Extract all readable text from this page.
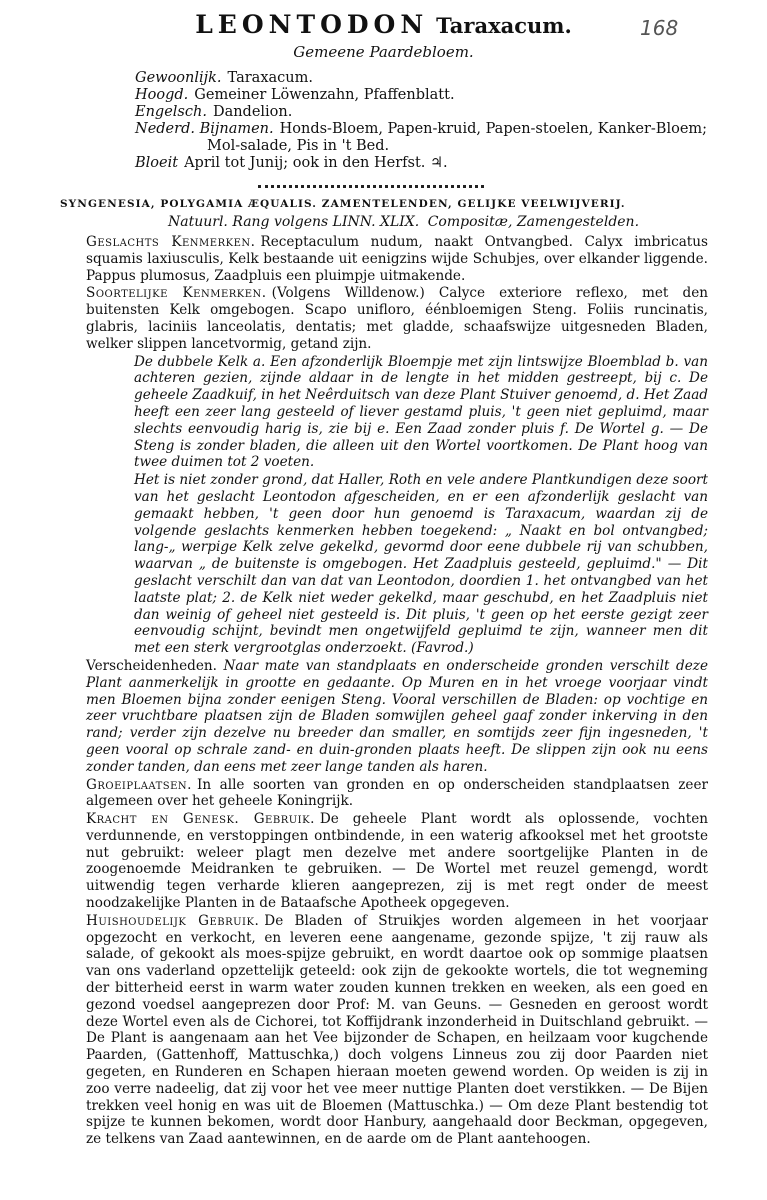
LEONTODON Taraxacum.	168
Gemeene Paardebloem.
Gewoonlijk. Taraxacum.
Hoogd. Gemeiner Löwenzahn, Pfaffenblatt.
Engelsch. Dandelion.
Nederd. Bijnamen. Honds-Bloem, Papen-kruid, Papen-stoelen, Kanker-Bloem;
Mol-salade, Pis in 't Bed.
Bloeit April tot Junij; ook in den Herfst. ♃.
SYNGENESIA, POLYGAMIA ÆQUALIS. ZAMENTELENDEN, GELIJKE VEELWIJVERIJ.
Natuurl. Rang volgens LINN. XLIX. Compositæ, Zamengestelden.

Geslachts Kenmerken. Receptaculum nudum, naakt Ontvangbed. Calyx imbricatus squamis laxiusculis, Kelk bestaande uit eenigzins wijde Schubjes, over elkander liggende. Pappus plumosus, Zaadpluis een pluimpje uitmakende.

Soortelijke Kenmerken. (Volgens Willdenow.) Calyce exteriore reflexo, met den buitensten Kelk omgebogen. Scapo unifloro, éénbloemigen Steng. Foliis runcinatis, glabris, laciniis lanceolatis, dentatis; met gladde, schaafswijze uitgesneden Bladen, welker slippen lancetvormig, getand zijn.

De dubbele Kelk a. Een afzonderlijk Bloempje met zijn lintswijze Bloemblad b. van achteren gezien, zijnde aldaar in de lengte in het midden gestreept, bij c. De geheele Zaadkuif, in het Neêrduitsch van deze Plant Stuiver genoemd, d. Het Zaad heeft een zeer lang gesteeld of liever gestamd pluis, 't geen niet gepluimd, maar slechts eenvoudig harig is, zie bij e. Een Zaad zonder pluis f. De Wortel g. — De Steng is zonder bladen, die alleen uit den Wortel voortkomen. De Plant hoog van twee duimen tot 2 voeten.

Het is niet zonder grond, dat Haller, Roth en vele andere Plantkundigen deze soort van het geslacht Leontodon afgescheiden, en er een afzonderlijk geslacht van gemaakt hebben, 't geen door hun genoemd is Taraxacum, waardan zij de volgende geslachts kenmerken hebben toegekend: „ Naakt en bol ontvangbed; lang-„ werpige Kelk zelve gekelkd, gevormd door eene dubbele rij van schubben, waarvan „ de buitenste is omgebogen. Het Zaadpluis gesteeld, gepluimd." — Dit geslacht verschilt dan van dat van Leontodon, doordien 1. het ontvangbed van het laatste plat; 2. de Kelk niet weder gekelkd, maar geschubd, en het Zaadpluis niet dan weinig of geheel niet gesteeld is. Dit pluis, 't geen op het eerste gezigt zeer eenvoudig schijnt, bevindt men ongetwijfeld gepluimd te zijn, wanneer men dit met een sterk vergrootglas onderzoekt. (Favrod.)

Verscheidenheden. Naar mate van standplaats en onderscheide gronden verschilt deze Plant aanmerkelijk in grootte en gedaante. Op Muren en in het vroege voorjaar vindt men Bloemen bijna zonder eenigen Steng. Vooral verschillen de Bladen: op vochtige en zeer vruchtbare plaatsen zijn de Bladen somwijlen geheel gaaf zonder inkerving in den rand; verder zijn dezelve nu breeder dan smaller, en somtijds zeer fijn ingesneden, 't geen vooral op schrale zand- en duin-gronden plaats heeft. De slippen zijn ook nu eens zonder tanden, dan eens met zeer lange tanden als haren.

Groeiplaatsen. In alle soorten van gronden en op onderscheiden standplaatsen zeer algemeen over het geheele Koningrijk.

Kracht en Genesk. Gebruik. De geheele Plant wordt als oplossende, vochten verdunnende, en verstoppingen ontbindende, in een waterig afkooksel met het grootste nut gebruikt: weleer plagt men dezelve met andere soortgelijke Planten in de zoogenoemde Meidranken te gebruiken. — De Wortel met reuzel gemengd, wordt uitwendig tegen verharde klieren aangeprezen, zij is met regt onder de meest noodzakelijke Planten in de Bataafsche Apotheek opgegeven.

Huishoudelijk Gebruik. De Bladen of Struikjes worden algemeen in het voorjaar opgezocht en verkocht, en leveren eene aangename, gezonde spijze, 't zij rauw als salade, of gekookt als moes-spijze gebruikt, en wordt daartoe ook op sommige plaatsen van ons vaderland opzettelijk geteeld: ook zijn de gekookte wortels, die tot wegneming der bitterheid eerst in warm water zouden kunnen trekken en weeken, als een goed en gezond voedsel aangeprezen door Prof: M. van Geuns. — Gesneden en geroost wordt deze Wortel even als de Cichorei, tot Koffijdrank inzonderheid in Duitschland gebruikt. — De Plant is aangenaam aan het Vee bijzonder de Schapen, en heilzaam voor kugchende Paarden, (Gattenhoff, Mattuschka,) doch volgens Linneus zou zij door Paarden niet gegeten, en Runderen en Schapen hieraan moeten gewend worden. Op weiden is zij in zoo verre nadeelig, dat zij voor het vee meer nuttige Planten doet verstikken. — De Bijen trekken veel honig en was uit de Bloemen (Mattuschka.) — Om deze Plant bestendig tot spijze te kunnen bekomen, wordt door Hanbury, aangehaald door Beckman, opgegeven, ze telkens van Zaad aantewinnen, en de aarde om de Plant aantehoogen.
